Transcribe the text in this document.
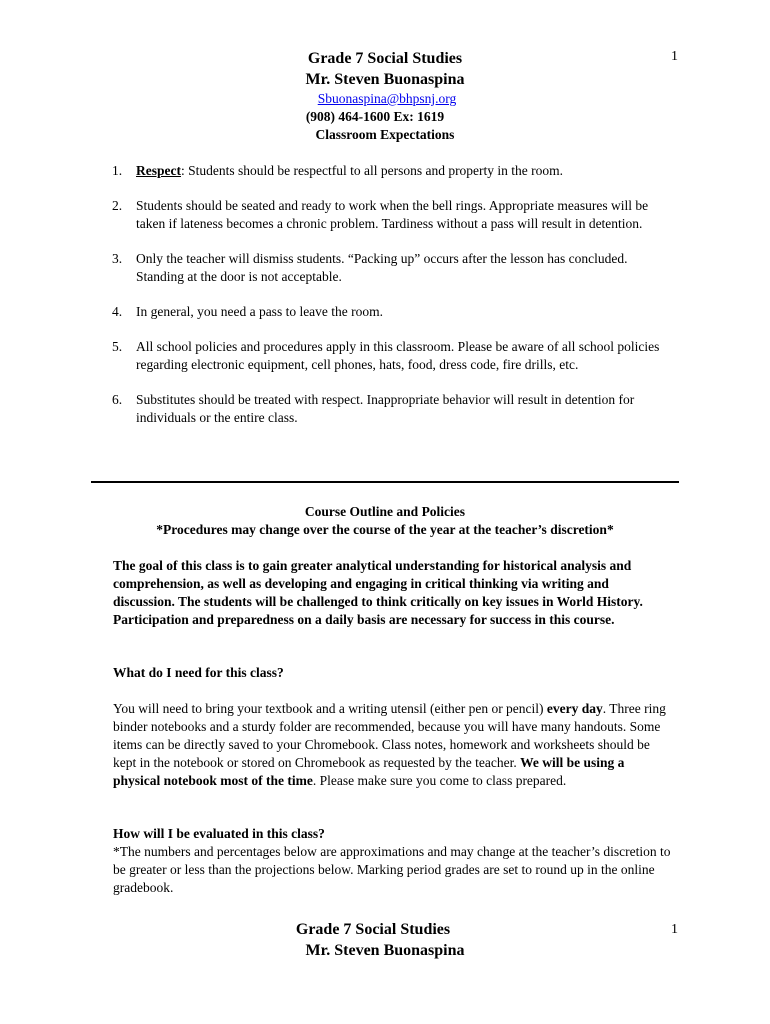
1
Grade 7 Social Studies
Mr. Steven Buonaspina
Sbuonaspina@bhpsnj.org
(908) 464-1600 Ex: 1619
Classroom Expectations
1. Respect: Students should be respectful to all persons and property in the room.
2. Students should be seated and ready to work when the bell rings. Appropriate measures will be taken if lateness becomes a chronic problem. Tardiness without a pass will result in detention.
3. Only the teacher will dismiss students. “Packing up” occurs after the lesson has concluded. Standing at the door is not acceptable.
4. In general, you need a pass to leave the room.
5. All school policies and procedures apply in this classroom. Please be aware of all school policies regarding electronic equipment, cell phones, hats, food, dress code, fire drills, etc.
6. Substitutes should be treated with respect. Inappropriate behavior will result in detention for individuals or the entire class.
Course Outline and Policies
*Procedures may change over the course of the year at the teacher’s discretion*
The goal of this class is to gain greater analytical understanding for historical analysis and comprehension, as well as developing and engaging in critical thinking via writing and discussion. The students will be challenged to think critically on key issues in World History. Participation and preparedness on a daily basis are necessary for success in this course.
What do I need for this class?
You will need to bring your textbook and a writing utensil (either pen or pencil) every day. Three ring binder notebooks and a sturdy folder are recommended, because you will have many handouts. Some items can be directly saved to your Chromebook. Class notes, homework and worksheets should be kept in the notebook or stored on Chromebook as requested by the teacher. We will be using a physical notebook most of the time. Please make sure you come to class prepared.
How will I be evaluated in this class?
*The numbers and percentages below are approximations and may change at the teacher’s discretion to be greater or less than the projections below. Marking period grades are set to round up in the online gradebook.
1
Grade 7 Social Studies
Mr. Steven Buonaspina
